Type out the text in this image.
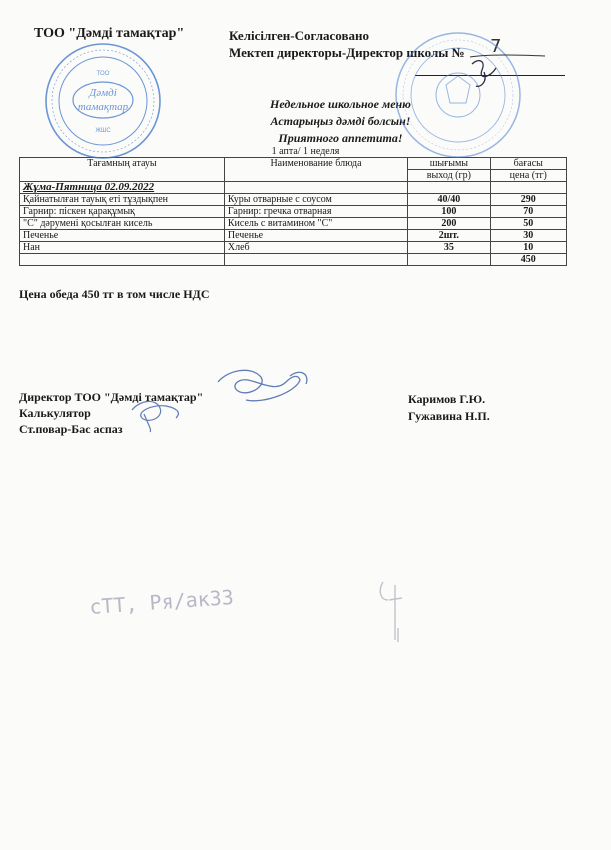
ТОО "Дәмді тамақтар"	Келісілген-Согласовано
Мектеп директоры-Директор школы № 7
Недельное школьное меню
Астарыңыз дәмді болсын!
Приятного аппетита!
1 апта/ 1 неделя
Тағамның атауы	Наименование блюда	шығымы	бағасы
		выход (гр)	цена (тг)
Жұма-Пятница 02.09.2022			
Қайнатылған тауық еті тұздықпен	Куры отварные с соусом	40/40	290
Гарнир: піскен қарақұмық	Гарнир: гречка отварная	100	70
"С" дәрумені қосылған кисель	Кисель с витамином "С"	200	50
Печенье	Печенье	2шт.	30
Нан	Хлеб	35	10
			450
Цена обеда 450 тг в том числе НДС
Директор ТОО "Дәмді тамақтар"
Калькулятор
Ст.повар-Бас аспаз
Каримов Г.Ю.
Гужавина Н.П.
Дәмді
тамақтар
ТОО
ЖШС
сТТ, Ря/ак33
